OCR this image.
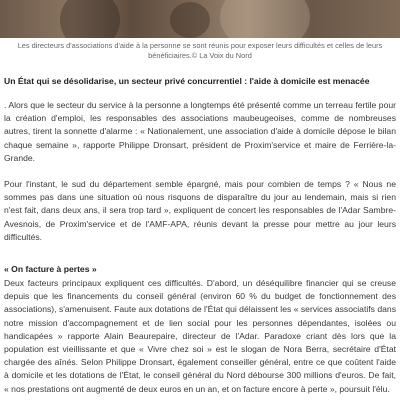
Les directeurs d'associations d'aide à la personne se sont réunis pour exposer leurs difficultés et celles de leurs bénéficiaires.© La Voix du Nord
Un État qui se désolidarise, un secteur privé concurrentiel : l'aide à domicile est menacée

. Alors que le secteur du service à la personne a longtemps été présenté comme un terreau fertile pour la création d'emploi, les responsables des associations maubeugeoises, comme de nombreuses autres, tirent la sonnette d'alarme : « Nationalement, une association d'aide à domicile dépose le bilan chaque semaine », rapporte Philippe Dronsart, président de Proxim'service et maire de Ferrière-la-Grande.

Pour l'instant, le sud du département semble épargné, mais pour combien de temps ? « Nous ne sommes pas dans une situation où nous risquons de disparaître du jour au lendemain, mais si rien n'est fait, dans deux ans, il sera trop tard », expliquent de concert les responsables de l'Adar Sambre-Avesnois, de Proxim'service et de l'AMF-APA, réunis devant la presse pour mettre au jour leurs difficultés.

« On facture à pertes »

Deux facteurs principaux expliquent ces difficultés. D'abord, un déséquilibre financier qui se creuse depuis que les financements du conseil général (environ 60 % du budget de fonctionnement des associations), s'amenuisent. Faute aux dotations de l'État qui délaissent les « services associatifs dans notre mission d'accompagnement et de lien social pour les personnes dépendantes, isolées ou handicapées » rapporte Alain Beaurepaire, directeur de l'Adar. Paradoxe criant dès lors que la population est vieillissante et que « Vivre chez soi » est le slogan de Nora Berra, secrétaire d'État chargée des aînés. Selon Philippe Dronsart, également conseiller général, entre ce que coûtent l'aide à domicile et les dotations de l'État, le conseil général du Nord débourse 300 millions d'euros. De fait, « nos prestations ont augmenté de deux euros en un an, et on facture encore à perte », poursuit l'élu.
